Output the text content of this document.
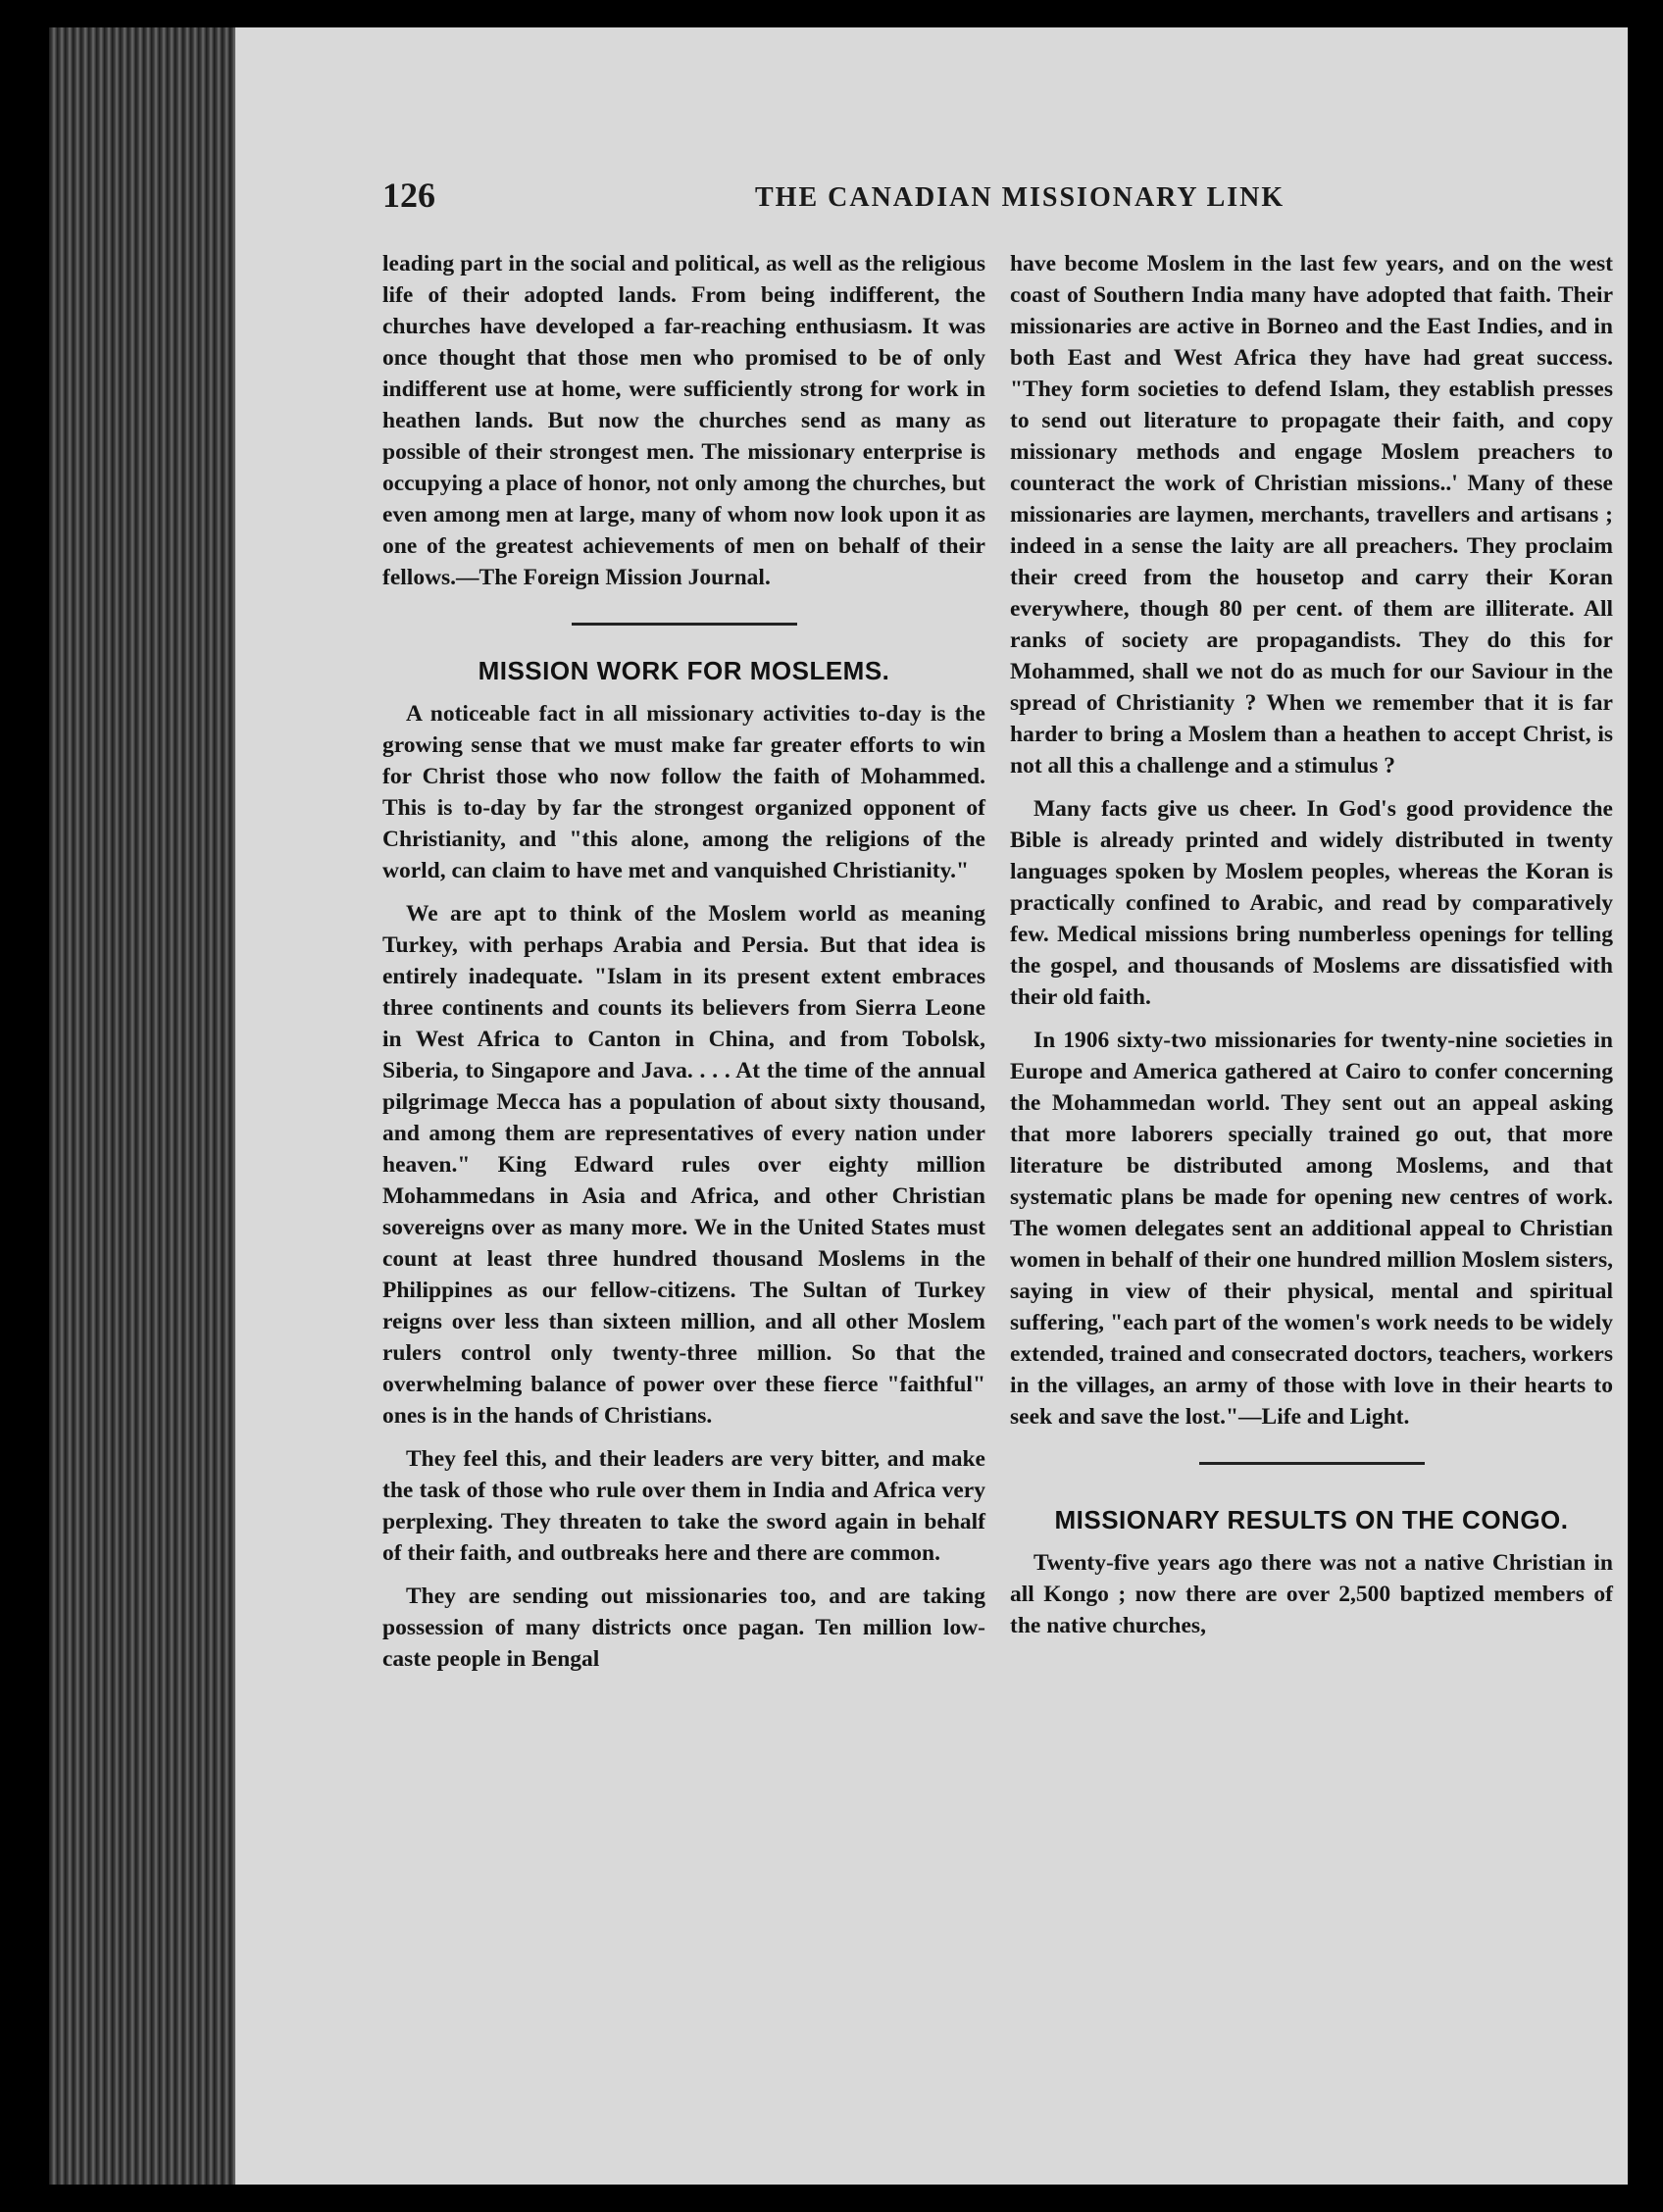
126	THE CANADIAN MISSIONARY LINK

leading part in the social and political, as well as the religious life of their adopted lands. From being indifferent, the churches have developed a far-reaching enthusiasm. It was once thought that those men who promised to be of only indifferent use at home, were sufficiently strong for work in heathen lands. But now the churches send as many as possible of their strongest men. The missionary enterprise is occupying a place of honor, not only among the churches, but even among men at large, many of whom now look upon it as one of the greatest achievements of men on behalf of their fellows.—The Foreign Mission Journal.

MISSION WORK FOR MOSLEMS.

A noticeable fact in all missionary activities to-day is the growing sense that we must make far greater efforts to win for Christ those who now follow the faith of Mohammed. This is to-day by far the strongest organized opponent of Christianity, and "this alone, among the religions of the world, can claim to have met and vanquished Christianity."

We are apt to think of the Moslem world as meaning Turkey, with perhaps Arabia and Persia. But that idea is entirely inadequate. "Islam in its present extent embraces three continents and counts its believers from Sierra Leone in West Africa to Canton in China, and from Tobolsk, Siberia, to Singapore and Java. . . . At the time of the annual pilgrimage Mecca has a population of about sixty thousand, and among them are representatives of every nation under heaven." King Edward rules over eighty million Mohammedans in Asia and Africa, and other Christian sovereigns over as many more. We in the United States must count at least three hundred thousand Moslems in the Philippines as our fellow-citizens. The Sultan of Turkey reigns over less than sixteen million, and all other Moslem rulers control only twenty-three million. So that the overwhelming balance of power over these fierce "faithful" ones is in the hands of Christians.

They feel this, and their leaders are very bitter, and make the task of those who rule over them in India and Africa very perplexing. They threaten to take the sword again in behalf of their faith, and outbreaks here and there are common.

They are sending out missionaries too, and are taking possession of many districts once pagan. Ten million low-caste people in Bengal

have become Moslem in the last few years, and on the west coast of Southern India many have adopted that faith. Their missionaries are active in Borneo and the East Indies, and in both East and West Africa they have had great success. "They form societies to defend Islam, they establish presses to send out literature to propagate their faith, and copy missionary methods and engage Moslem preachers to counteract the work of Christian missions..' Many of these missionaries are laymen, merchants, travellers and artisans ; indeed in a sense the laity are all preachers. They proclaim their creed from the housetop and carry their Koran everywhere, though 80 per cent. of them are illiterate. All ranks of society are propagandists. They do this for Mohammed, shall we not do as much for our Saviour in the spread of Christianity ? When we remember that it is far harder to bring a Moslem than a heathen to accept Christ, is not all this a challenge and a stimulus ?

Many facts give us cheer. In God's good providence the Bible is already printed and widely distributed in twenty languages spoken by Moslem peoples, whereas the Koran is practically confined to Arabic, and read by comparatively few. Medical missions bring numberless openings for telling the gospel, and thousands of Moslems are dissatisfied with their old faith.

In 1906 sixty-two missionaries for twenty-nine societies in Europe and America gathered at Cairo to confer concerning the Mohammedan world. They sent out an appeal asking that more laborers specially trained go out, that more literature be distributed among Moslems, and that systematic plans be made for opening new centres of work. The women delegates sent an additional appeal to Christian women in behalf of their one hundred million Moslem sisters, saying in view of their physical, mental and spiritual suffering, "each part of the women's work needs to be widely extended, trained and consecrated doctors, teachers, workers in the villages, an army of those with love in their hearts to seek and save the lost."—Life and Light.

MISSIONARY RESULTS ON THE CONGO.

Twenty-five years ago there was not a native Christian in all Kongo ; now there are over 2,500 baptized members of the native churches,
